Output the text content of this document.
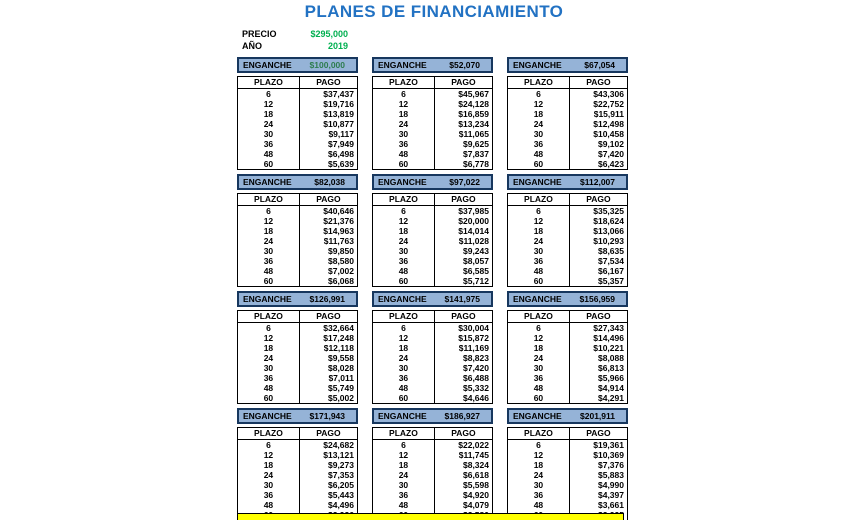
PLANES DE FINANCIAMIENTO
PRECIO	$295,000
AÑO	2019
ENGANCHE $100,000
PLAZO	PAGO
6	$37,437
12	$19,716
18	$13,819
24	$10,877
30	$9,117
36	$7,949
48	$6,498
60	$5,639
ENGANCHE	$52,070
PLAZO	PAGO
6	$45,967
12	$24,128
18	$16,859
24	$13,234
30	$11,065
36	$9,625
48	$7,837
60	$6,778
ENGANCHE	$67,054
PLAZO	PAGO
6	$43,306
12	$22,752
18	$15,911
24	$12,498
30	$10,458
36	$9,102
48	$7,420
60	$6,423
ENGANCHE	$82,038
PLAZO	PAGO
6	$40,646
12	$21,376
18	$14,963
24	$11,763
30	$9,850
36	$8,580
48	$7,002
60	$6,068
ENGANCHE	$97,022
PLAZO	PAGO
6	$37,985
12	$20,000
18	$14,014
24	$11,028
30	$9,243
36	$8,057
48	$6,585
60	$5,712
ENGANCHE $112,007
PLAZO	PAGO
6	$35,325
12	$18,624
18	$13,066
24	$10,293
30	$8,635
36	$7,534
48	$6,167
60	$5,357
ENGANCHE $126,991
PLAZO	PAGO
6	$32,664
12	$17,248
18	$12,118
24	$9,558
30	$8,028
36	$7,011
48	$5,749
60	$5,002
ENGANCHE $141,975
PLAZO	PAGO
6	$30,004
12	$15,872
18	$11,169
24	$8,823
30	$7,420
36	$6,488
48	$5,332
60	$4,646
ENGANCHE $156,959
PLAZO	PAGO
6	$27,343
12	$14,496
18	$10,221
24	$8,088
30	$6,813
36	$5,966
48	$4,914
60	$4,291
ENGANCHE $171,943
PLAZO	PAGO
6	$24,682
12	$13,121
18	$9,273
24	$7,353
30	$6,205
36	$5,443
48	$4,496
ENGANCHE $186,927
PLAZO	PAGO
6	$22,022
12	$11,745
18	$8,324
24	$6,618
30	$5,598
36	$4,920
48	$4,079
ENGANCHE $201,911
PLAZO	PAGO
6	$19,361
12	$10,369
18	$7,376
24	$5,883
30	$4,990
36	$4,397
48	$3,661
